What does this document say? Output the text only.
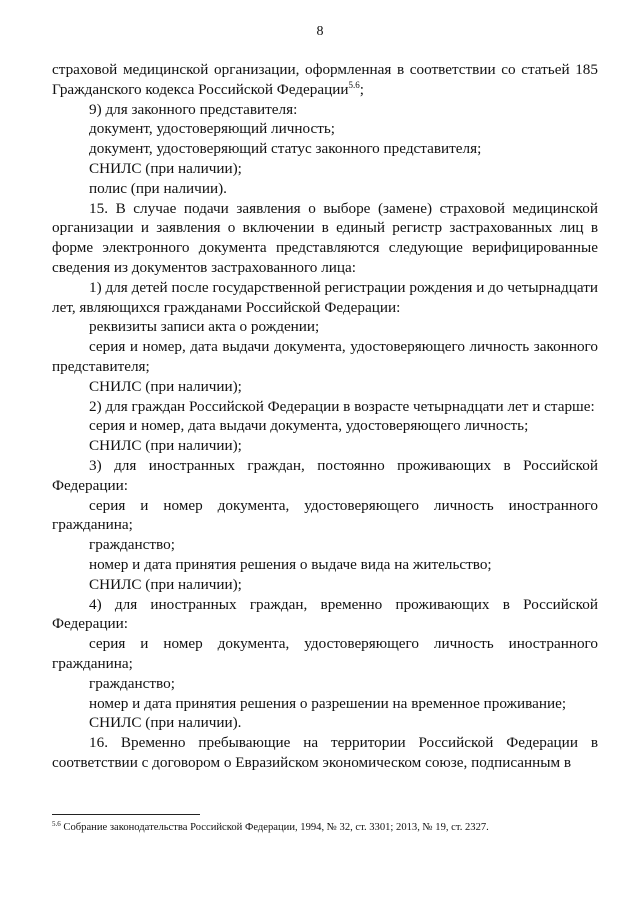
8

страховой медицинской организации, оформленная в соответствии со статьей 185 Гражданского кодекса Российской Федерации$^{5.6}$;

9) для законного представителя:

документ, удостоверяющий личность;

документ, удостоверяющий статус законного представителя;

СНИЛС (при наличии);

полис (при наличии).

15. В случае подачи заявления о выборе (замене) страховой медицинской организации и заявления о включении в единый регистр застрахованных лиц в форме электронного документа представляются следующие верифицированные сведения из документов застрахованного лица:

1) для детей после государственной регистрации рождения и до четырнадцати лет, являющихся гражданами Российской Федерации:

реквизиты записи акта о рождении;

серия и номер, дата выдачи документа, удостоверяющего личность законного представителя;

СНИЛС (при наличии);

2) для граждан Российской Федерации в возрасте четырнадцати лет и старше:

серия и номер, дата выдачи документа, удостоверяющего личность;

СНИЛС (при наличии);

3) для иностранных граждан, постоянно проживающих в Российской Федерации:

серия и номер документа, удостоверяющего личность иностранного гражданина;

гражданство;

номер и дата принятия решения о выдаче вида на жительство;

СНИЛС (при наличии);

4) для иностранных граждан, временно проживающих в Российской Федерации:

серия и номер документа, удостоверяющего личность иностранного гражданина;

гражданство;

номер и дата принятия решения о разрешении на временное проживание;

СНИЛС (при наличии).

16. Временно пребывающие на территории Российской Федерации в соответствии с договором о Евразийском экономическом союзе, подписанным в

$^{5.6}$ Собрание законодательства Российской Федерации, 1994, № 32, ст. 3301; 2013, № 19, ст. 2327.
